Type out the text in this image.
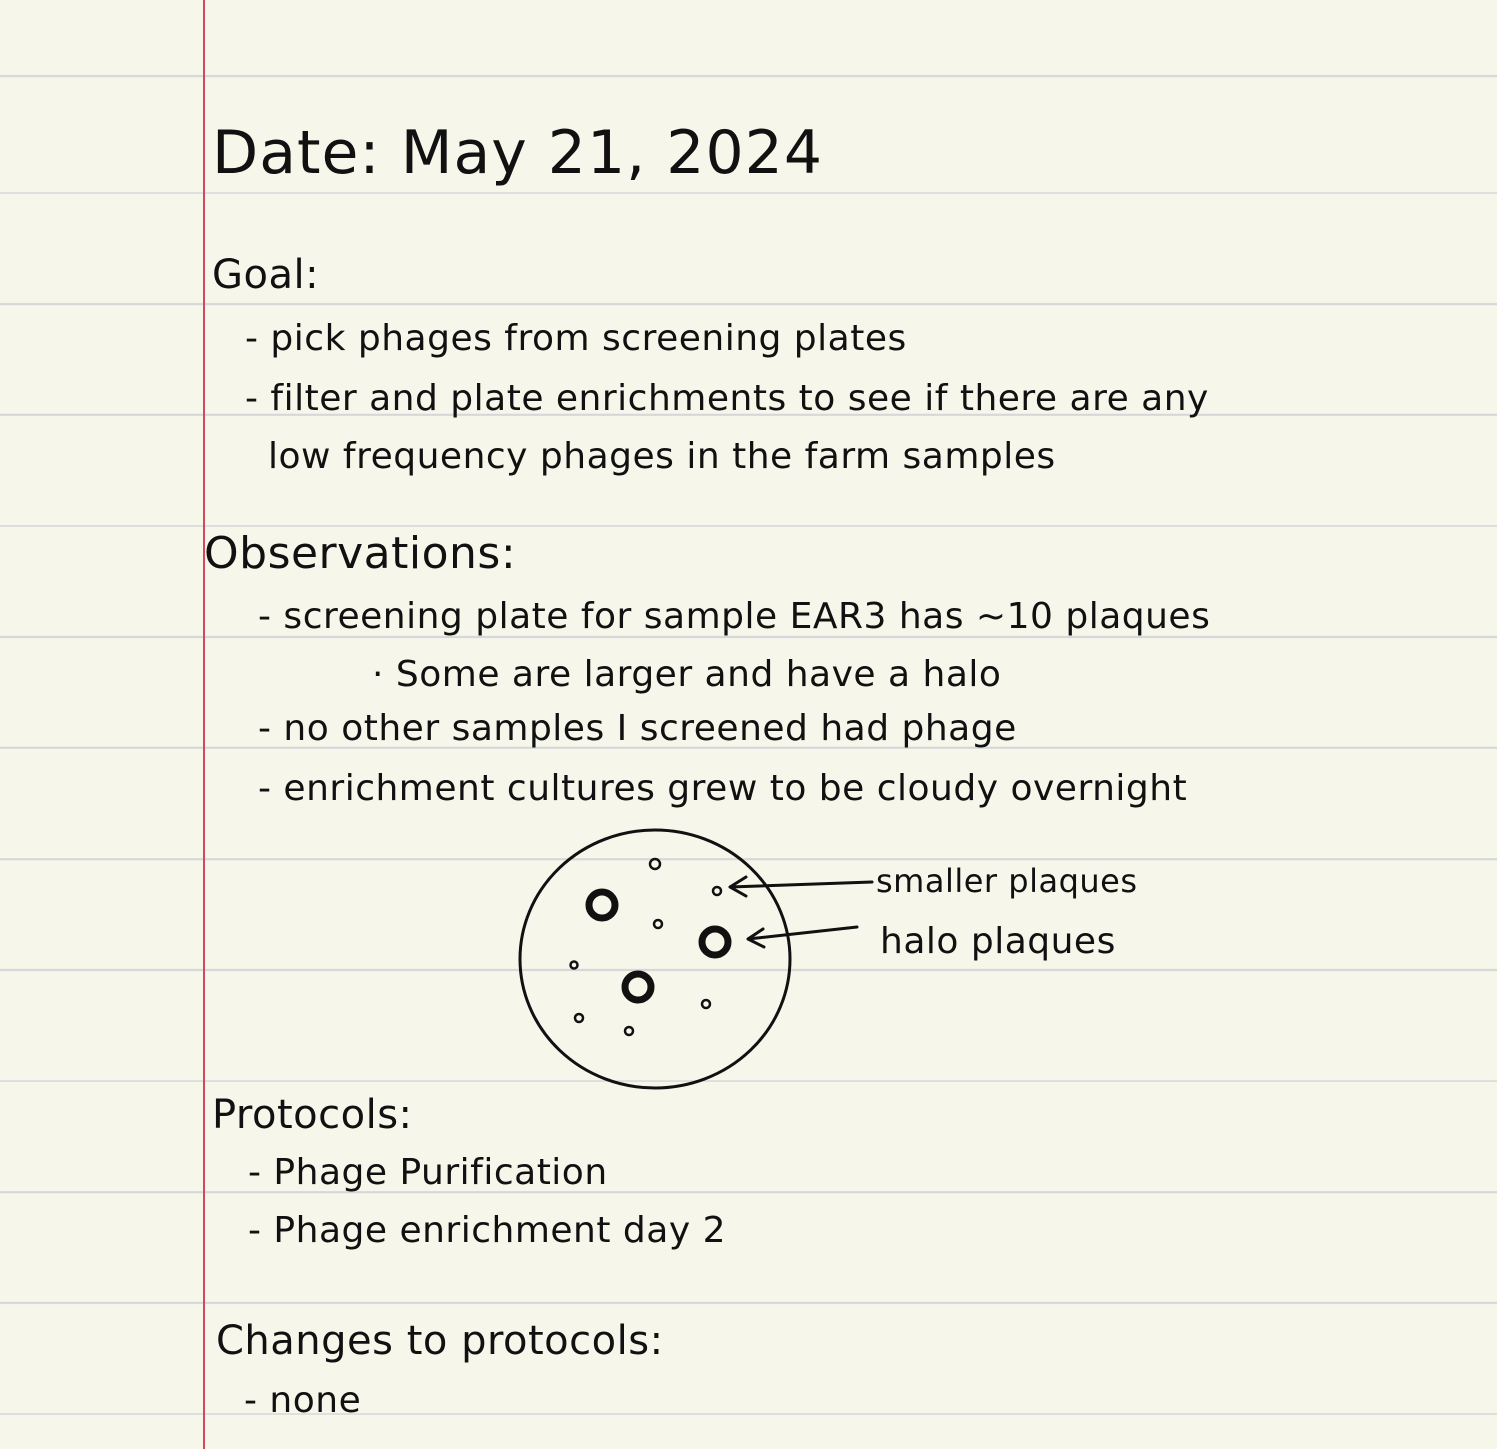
Date: May 21, 2024
Goal:
- pick phages from screening plates
- filter and plate enrichments to see if there are any
low frequency phages in the farm samples
Observations:
- screening plate for sample EAR3 has ~10 plaques
· Some are larger and have a halo
- no other samples I screened had phage
- enrichment cultures grew to be cloudy overnight
smaller plaques
halo plaques
Protocols:
- Phage Purification
- Phage enrichment day 2
Changes to protocols:
- none
